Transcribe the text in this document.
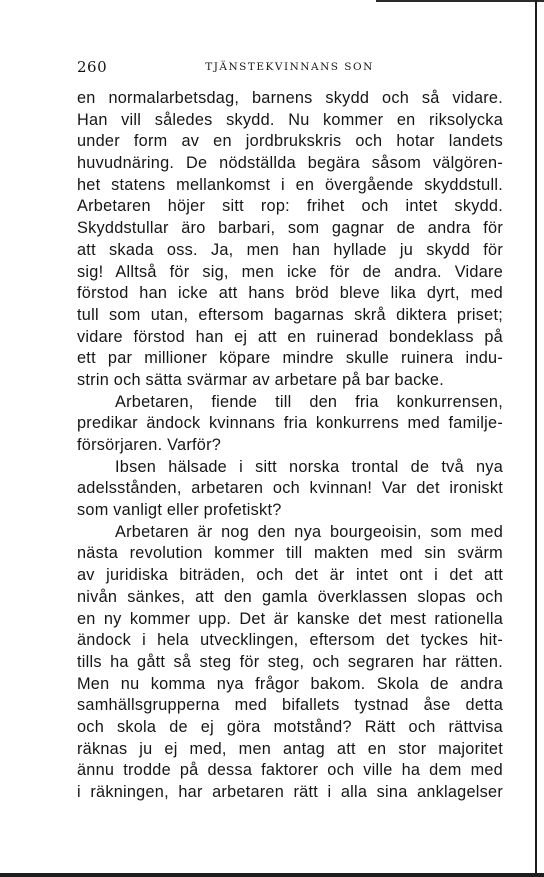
260	TJÄNSTEKVINNANS SON
en normalarbetsdag, barnens skydd och så vidare.
Han vill således skydd. Nu kommer en riksolycka
under form av en jordbrukskris och hotar landets
huvudnäring. De nödställda begära såsom välgören-
het statens mellankomst i en övergående skyddstull.
Arbetaren höjer sitt rop: frihet och intet skydd.
Skyddstullar äro barbari, som gagnar de andra för
att skada oss. Ja, men han hyllade ju skydd för
sig! Alltså för sig, men icke för de andra. Vidare
förstod han icke att hans bröd bleve lika dyrt, med
tull som utan, eftersom bagarnas skrå diktera priset;
vidare förstod han ej att en ruinerad bondeklass på
ett par millioner köpare mindre skulle ruinera indu-
strin och sätta svärmar av arbetare på bar backe.
Arbetaren, fiende till den fria konkurrensen,
predikar ändock kvinnans fria konkurrens med familje-
försörjaren. Varför?
Ibsen hälsade i sitt norska trontal de två nya
adelsstånden, arbetaren och kvinnan! Var det ironiskt
som vanligt eller profetiskt?
Arbetaren är nog den nya bourgeoisin, som med
nästa revolution kommer till makten med sin svärm
av juridiska biträden, och det är intet ont i det att
nivån sänkes, att den gamla överklassen slopas och
en ny kommer upp. Det är kanske det mest rationella
ändock i hela utvecklingen, eftersom det tyckes hit-
tills ha gått så steg för steg, och segraren har rätten.
Men nu komma nya frågor bakom. Skola de andra
samhällsgrupperna med bifallets tystnad åse detta
och skola de ej göra motstånd? Rätt och rättvisa
räknas ju ej med, men antag att en stor majoritet
ännu trodde på dessa faktorer och ville ha dem med
i räkningen, har arbetaren rätt i alla sina anklagelser
